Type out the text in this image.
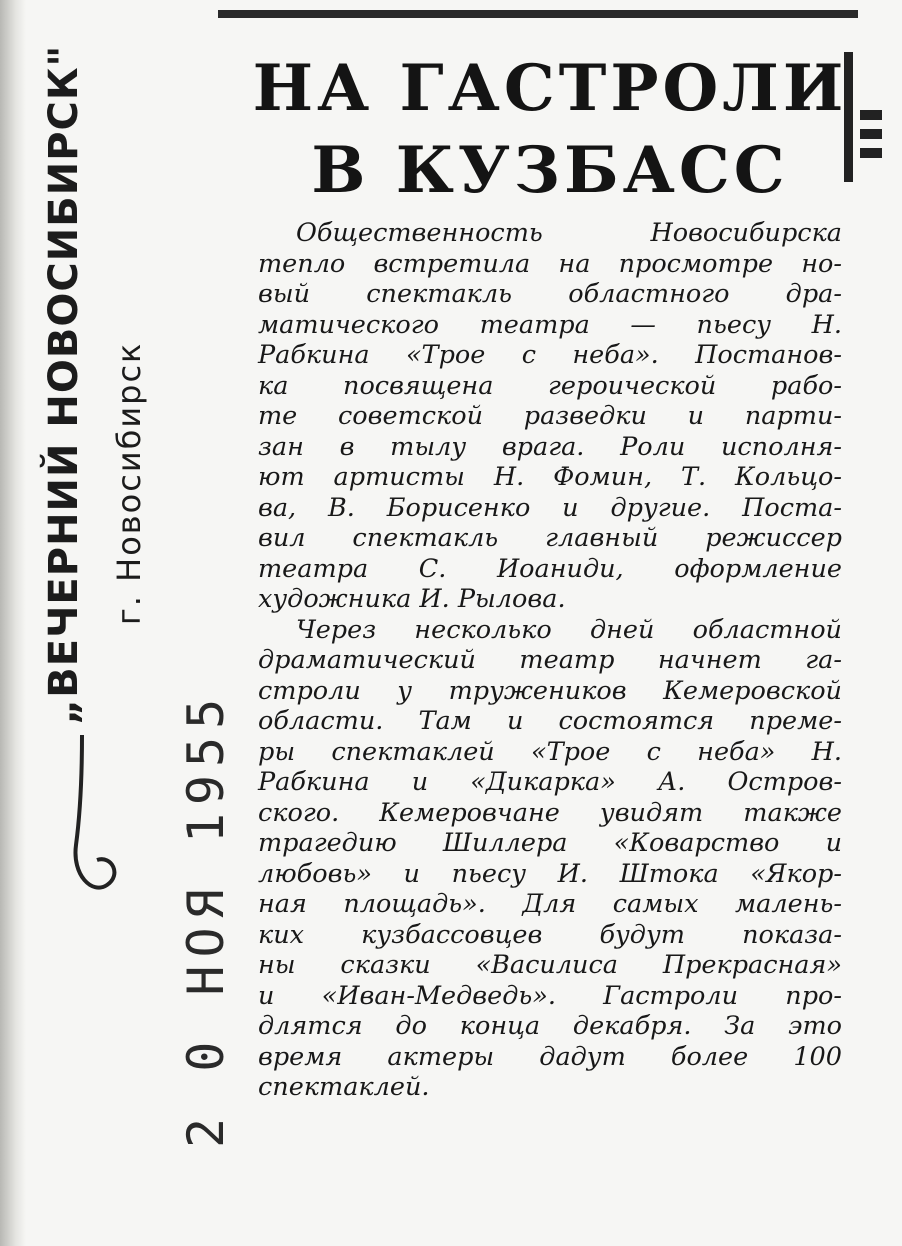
НА ГАСТРОЛИ
В КУЗБАСС
„ВЕЧЕРНИЙ НОВОСИБИРСК" г. Новосибирск
2 0 НОЯ 1955

Общественность Новосибирска
тепло встретила на просмотре но-
вый спектакль областного дра-
матического театра — пьесу Н.
Рабкина «Трое с неба». Постанов-
ка посвящена героической рабо-
те советской разведки и парти-
зан в тылу врага. Роли исполня-
ют артисты Н. Фомин, Т. Кольцо-
ва, В. Борисенко и другие. Поста-
вил спектакль главный режиссер
театра С. Иоаниди, оформление
художника И. Рылова.

Через несколько дней областной
драматический театр начнет га-
строли у тружеников Кемеровской
области. Там и состоятся преме-
ры спектаклей «Трое с неба» Н.
Рабкина и «Дикарка» А. Остров-
ского. Кемеровчане увидят также
трагедию Шиллера «Коварство и
любовь» и пьесу И. Штока «Якор-
ная площадь». Для самых малень-
ких кузбассовцев будут показа-
ны сказки «Василиса Прекрасная»
и «Иван-Медведь». Гастроли про-
длятся до конца декабря. За это
время актеры дадут более 100
спектаклей.
